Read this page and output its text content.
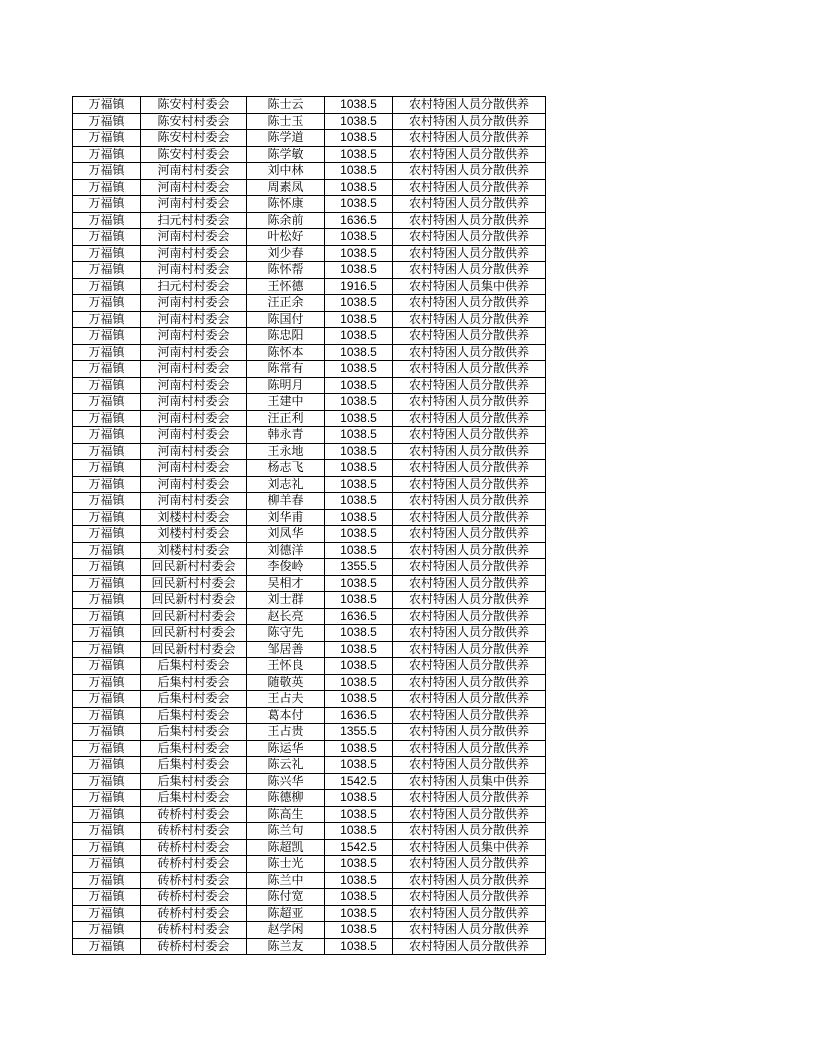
万福镇	陈安村村委会	陈士云	1038.5	农村特困人员分散供养
万福镇	陈安村村委会	陈士玉	1038.5	农村特困人员分散供养
万福镇	陈安村村委会	陈学道	1038.5	农村特困人员分散供养
万福镇	陈安村村委会	陈学敏	1038.5	农村特困人员分散供养
万福镇	河南村村委会	刘中林	1038.5	农村特困人员分散供养
万福镇	河南村村委会	周素凤	1038.5	农村特困人员分散供养
万福镇	河南村村委会	陈怀康	1038.5	农村特困人员分散供养
万福镇	扫元村村委会	陈余前	1636.5	农村特困人员分散供养
万福镇	河南村村委会	叶松好	1038.5	农村特困人员分散供养
万福镇	河南村村委会	刘少春	1038.5	农村特困人员分散供养
万福镇	河南村村委会	陈怀帮	1038.5	农村特困人员分散供养
万福镇	扫元村村委会	王怀德	1916.5	农村特困人员集中供养
万福镇	河南村村委会	汪正余	1038.5	农村特困人员分散供养
万福镇	河南村村委会	陈国付	1038.5	农村特困人员分散供养
万福镇	河南村村委会	陈忠阳	1038.5	农村特困人员分散供养
万福镇	河南村村委会	陈怀本	1038.5	农村特困人员分散供养
万福镇	河南村村委会	陈常有	1038.5	农村特困人员分散供养
万福镇	河南村村委会	陈明月	1038.5	农村特困人员分散供养
万福镇	河南村村委会	王建中	1038.5	农村特困人员分散供养
万福镇	河南村村委会	汪正利	1038.5	农村特困人员分散供养
万福镇	河南村村委会	韩永青	1038.5	农村特困人员分散供养
万福镇	河南村村委会	王永地	1038.5	农村特困人员分散供养
万福镇	河南村村委会	杨志飞	1038.5	农村特困人员分散供养
万福镇	河南村村委会	刘志礼	1038.5	农村特困人员分散供养
万福镇	河南村村委会	柳羊春	1038.5	农村特困人员分散供养
万福镇	刘楼村村委会	刘华甫	1038.5	农村特困人员分散供养
万福镇	刘楼村村委会	刘凤华	1038.5	农村特困人员分散供养
万福镇	刘楼村村委会	刘德洋	1038.5	农村特困人员分散供养
万福镇	回民新村村委会	李俊岭	1355.5	农村特困人员分散供养
万福镇	回民新村村委会	吴相才	1038.5	农村特困人员分散供养
万福镇	回民新村村委会	刘士群	1038.5	农村特困人员分散供养
万福镇	回民新村村委会	赵长亮	1636.5	农村特困人员分散供养
万福镇	回民新村村委会	陈守先	1038.5	农村特困人员分散供养
万福镇	回民新村村委会	邹居善	1038.5	农村特困人员分散供养
万福镇	后集村村委会	王怀良	1038.5	农村特困人员分散供养
万福镇	后集村村委会	随敬英	1038.5	农村特困人员分散供养
万福镇	后集村村委会	王占夫	1038.5	农村特困人员分散供养
万福镇	后集村村委会	葛本付	1636.5	农村特困人员分散供养
万福镇	后集村村委会	王占贵	1355.5	农村特困人员分散供养
万福镇	后集村村委会	陈运华	1038.5	农村特困人员分散供养
万福镇	后集村村委会	陈云礼	1038.5	农村特困人员分散供养
万福镇	后集村村委会	陈兴华	1542.5	农村特困人员集中供养
万福镇	后集村村委会	陈德柳	1038.5	农村特困人员分散供养
万福镇	砖桥村村委会	陈高生	1038.5	农村特困人员分散供养
万福镇	砖桥村村委会	陈兰句	1038.5	农村特困人员分散供养
万福镇	砖桥村村委会	陈超凯	1542.5	农村特困人员集中供养
万福镇	砖桥村村委会	陈士光	1038.5	农村特困人员分散供养
万福镇	砖桥村村委会	陈兰中	1038.5	农村特困人员分散供养
万福镇	砖桥村村委会	陈付宽	1038.5	农村特困人员分散供养
万福镇	砖桥村村委会	陈超亚	1038.5	农村特困人员分散供养
万福镇	砖桥村村委会	赵学闲	1038.5	农村特困人员分散供养
万福镇	砖桥村村委会	陈兰友	1038.5	农村特困人员分散供养
